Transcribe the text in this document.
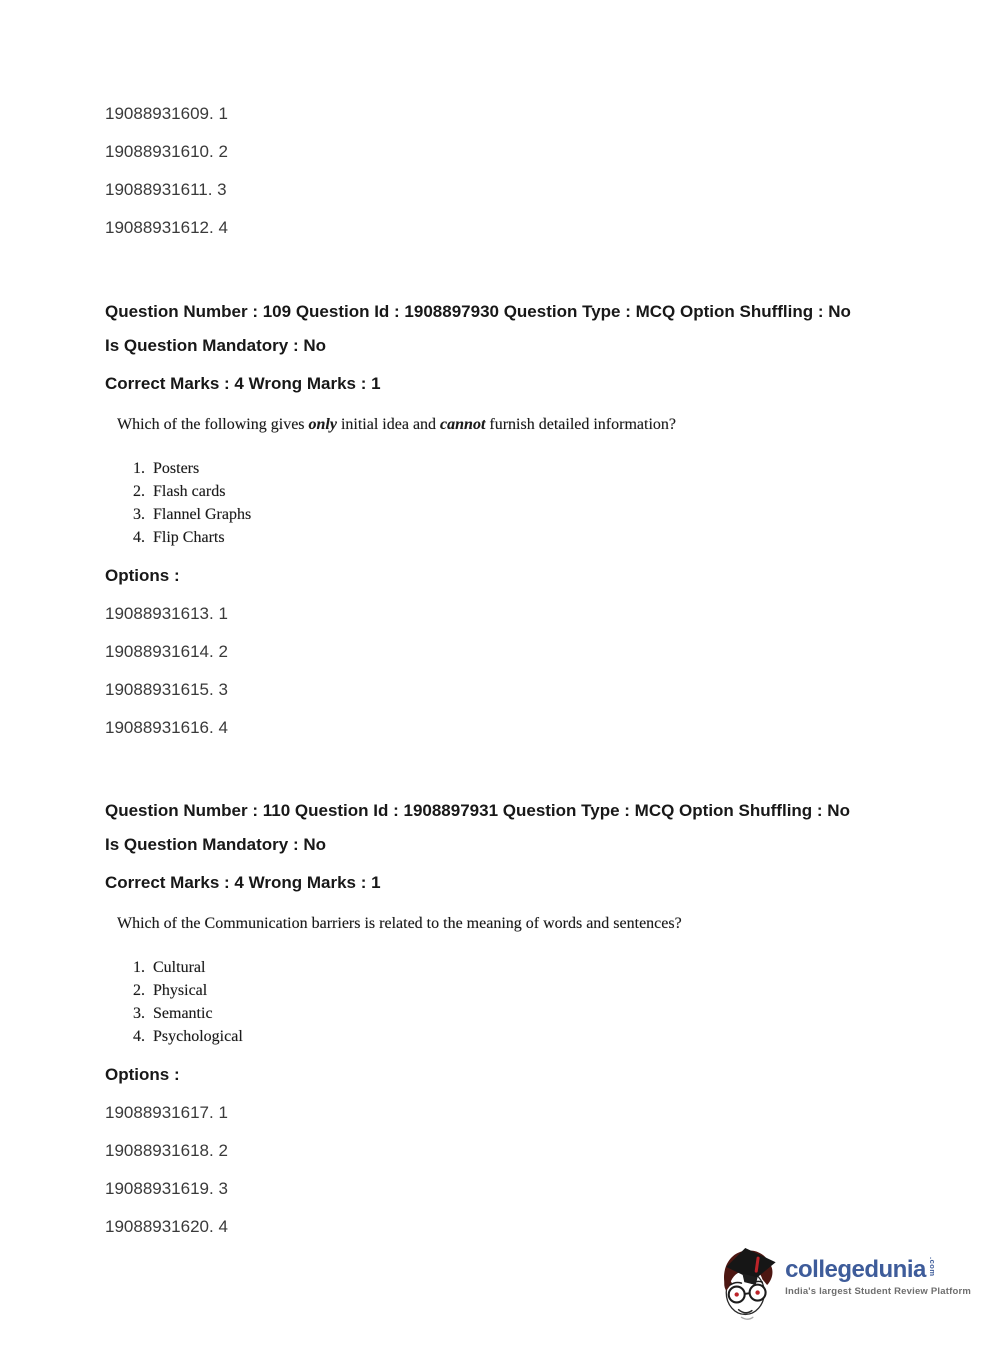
19088931609. 1

19088931610. 2

19088931611. 3

19088931612. 4

Question Number : 109 Question Id : 1908897930 Question Type : MCQ Option Shuffling : No

Is Question Mandatory : No

Correct Marks : 4 Wrong Marks : 1

Which of the following gives only initial idea and cannot furnish detailed information?

1. Posters
2. Flash cards
3. Flannel Graphs
4. Flip Charts

Options :

19088931613. 1

19088931614. 2

19088931615. 3

19088931616. 4

Question Number : 110 Question Id : 1908897931 Question Type : MCQ Option Shuffling : No

Is Question Mandatory : No

Correct Marks : 4 Wrong Marks : 1

Which of the Communication barriers is related to the meaning of words and sentences?

1. Cultural
2. Physical
3. Semantic
4. Psychological

Options :

19088931617. 1

19088931618. 2

19088931619. 3

19088931620. 4

collegedunia .com
India's largest Student Review Platform
